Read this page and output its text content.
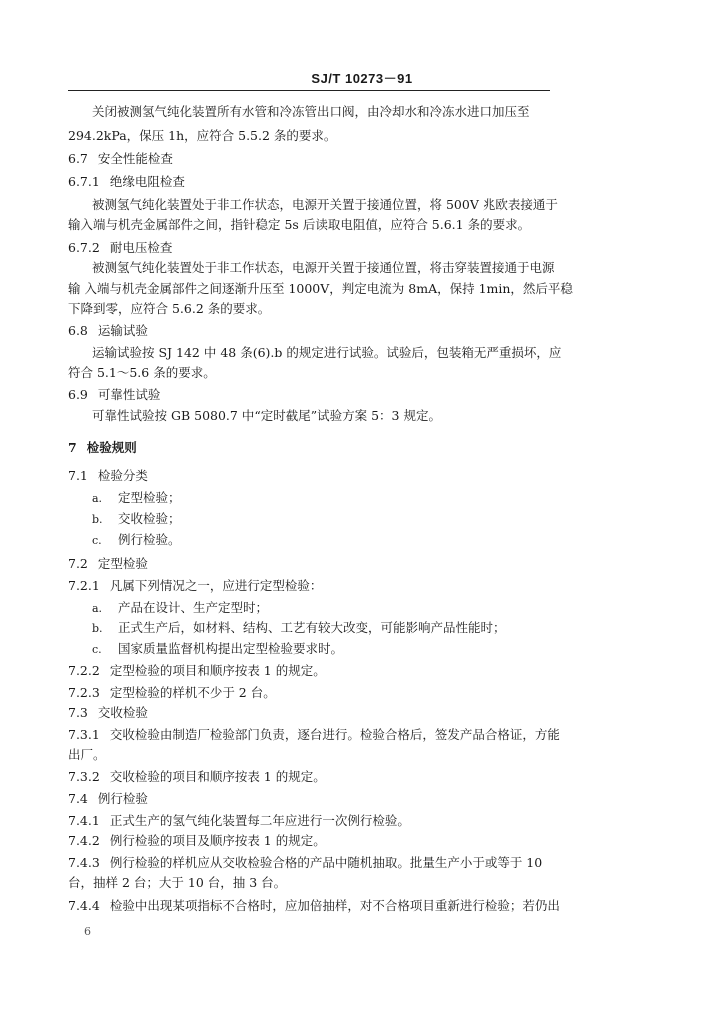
SJ/T 10273－91
关闭被测氢气纯化装置所有水管和冷冻管出口阀，由冷却水和冷冻水进口加压至
294.2kPa，保压 1h，应符合 5.5.2 条的要求。
6.7 安全性能检查
6.7.1 绝缘电阻检查
被测氢气纯化装置处于非工作状态，电源开关置于接通位置，将 500V 兆欧表接通于
输入端与机壳金属部件之间，指针稳定 5s 后读取电阻值，应符合 5.6.1 条的要求。
6.7.2 耐电压检查
被测氢气纯化装置处于非工作状态，电源开关置于接通位置，将击穿装置接通于电源
输 入端与机壳金属部件之间逐渐升压至 1000V，判定电流为 8mA，保持 1min，然后平稳
下降到零，应符合 5.6.2 条的要求。
6.8 运输试验
运输试验按 SJ 142 中 48 条(6).b 的规定进行试验。试验后，包装箱无严重损坏，应
符合 5.1～5.6 条的要求。
6.9 可靠性试验
可靠性试验按 GB 5080.7 中“定时截尾”试验方案 5：3 规定。
7 检验规则
7.1 检验分类
a. 定型检验；
b. 交收检验；
c. 例行检验。
7.2 定型检验
7.2.1 凡属下列情况之一，应进行定型检验：
a. 产品在设计、生产定型时；
b. 正式生产后，如材料、结构、工艺有较大改变，可能影响产品性能时；
c. 国家质量监督机构提出定型检验要求时。
7.2.2 定型检验的项目和顺序按表 1 的规定。
7.2.3 定型检验的样机不少于 2 台。
7.3 交收检验
7.3.1 交收检验由制造厂检验部门负责，逐台进行。检验合格后，签发产品合格证，方能
出厂。
7.3.2 交收检验的项目和顺序按表 1 的规定。
7.4 例行检验
7.4.1 正式生产的氢气纯化装置每二年应进行一次例行检验。
7.4.2 例行检验的项目及顺序按表 1 的规定。
7.4.3 例行检验的样机应从交收检验合格的产品中随机抽取。批量生产小于或等于 10
台，抽样 2 台；大于 10 台，抽 3 台。
7.4.4 检验中出现某项指标不合格时，应加倍抽样，对不合格项目重新进行检验；若仍出
6
